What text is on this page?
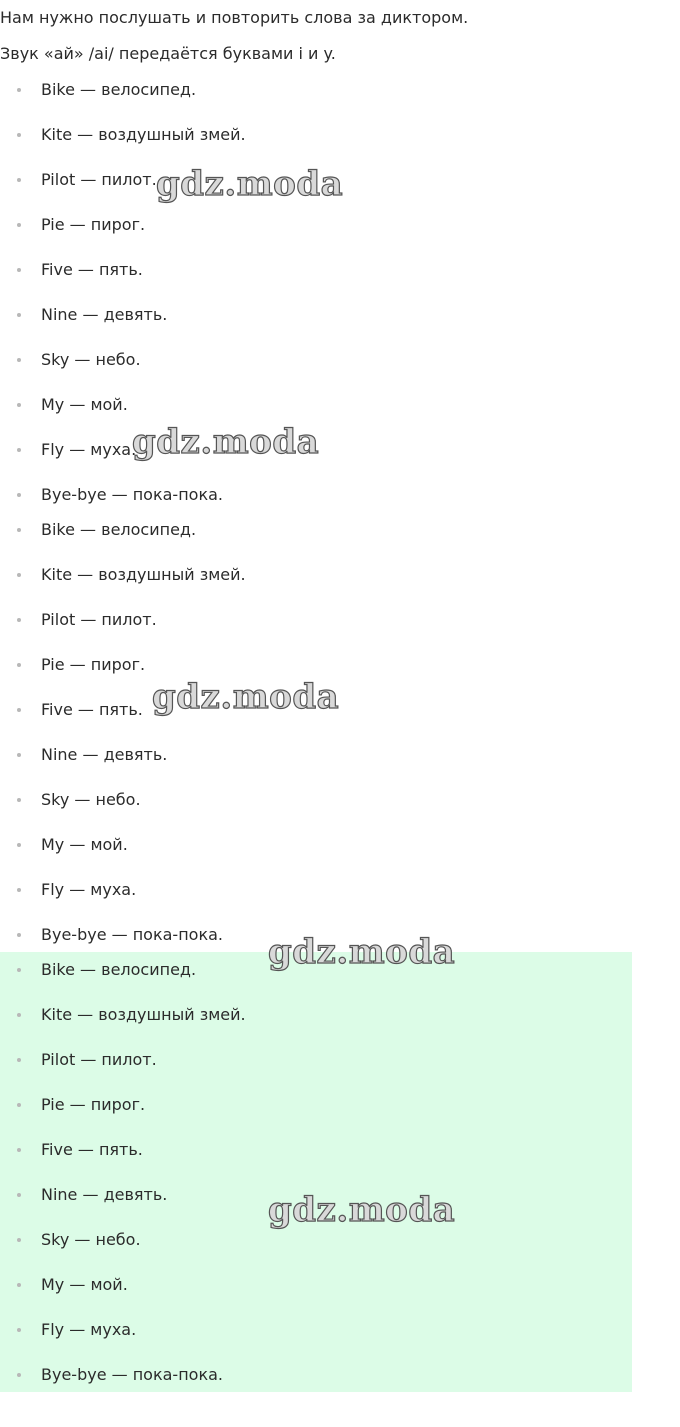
Нам нужно послушать и повторить слова за диктором.

Звук «ай» /ai/ передаётся буквами i и y.

Bike — велосипед.
Kite — воздушный змей.
Pilot — пилот.
Pie — пирог.
Five — пять.
Nine — девять.
Sky — небо.
My — мой.
Fly — муха.
Bye-bye — пока-пока.
Bike — велосипед.
Kite — воздушный змей.
Pilot — пилот.
Pie — пирог.
Five — пять.
Nine — девять.
Sky — небо.
My — мой.
Fly — муха.
Bye-bye — пока-пока.
Bike — велосипед.
Kite — воздушный змей.
Pilot — пилот.
Pie — пирог.
Five — пять.
Nine — девять.
Sky — небо.
My — мой.
Fly — муха.
Bye-bye — пока-пока.
gdz.moda
gdz.moda
gdz.moda
gdz.moda
gdz.moda
